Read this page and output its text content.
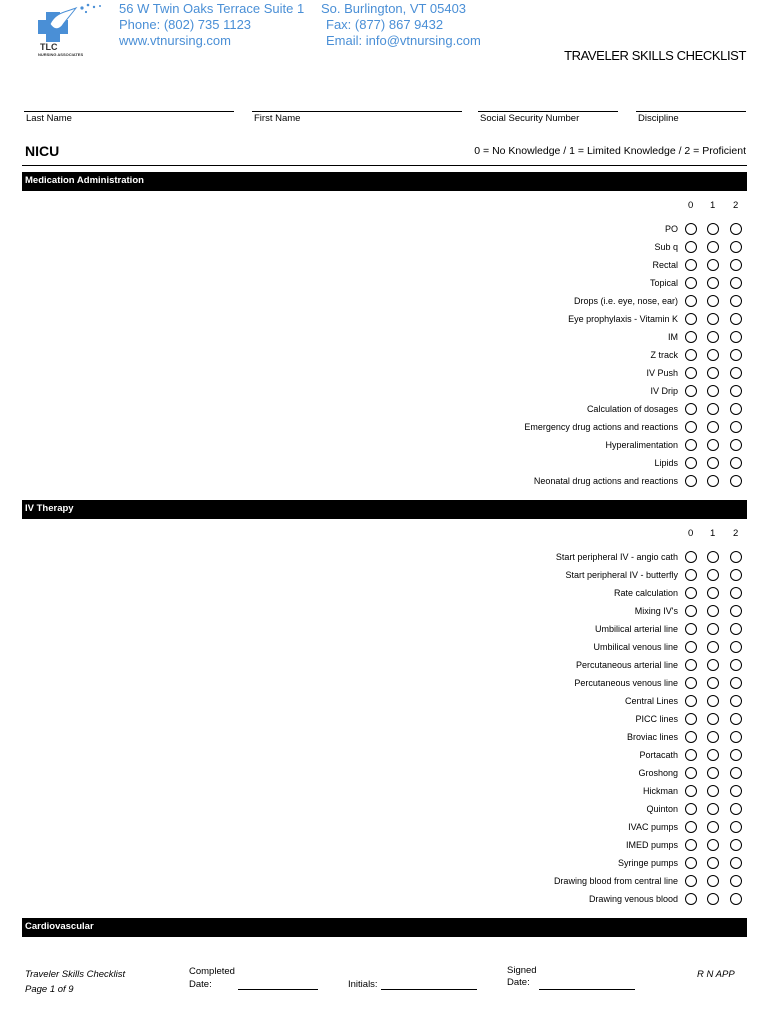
TLC
NURSING ASSOCIATES
56 W Twin Oaks Terrace Suite 1
Phone: (802) 735 1123
www.vtnursing.com
So. Burlington, VT 05403
Fax: (877) 867 9432
Email: info@vtnursing.com
TRAVELER SKILLS CHECKLIST
Last Name	First Name	Social Security Number	Discipline
NICU	0 = No Knowledge / 1 = Limited Knowledge / 2 = Proficient
Medication Administration
0 1 2
PO
Sub q
Rectal
Topical
Drops (i.e. eye, nose, ear)
Eye prophylaxis - Vitamin K
IM
Z track
IV Push
IV Drip
Calculation of dosages
Emergency drug actions and reactions
Hyperalimentation
Lipids
Neonatal drug actions and reactions
IV Therapy
0 1 2
Start peripheral IV - angio cath
Start peripheral IV - butterfly
Rate calculation
Mixing IV's
Umbilical arterial line
Umbilical venous line
Percutaneous arterial line
Percutaneous venous line
Central Lines
PICC lines
Broviac lines
Portacath
Groshong
Hickman
Quinton
IVAC pumps
IMED pumps
Syringe pumps
Drawing blood from central line
Drawing venous blood
Cardiovascular
Traveler Skills Checklist
Page 1 of 9
Completed
Date:	Initials:
Signed
Date:
R N APP
